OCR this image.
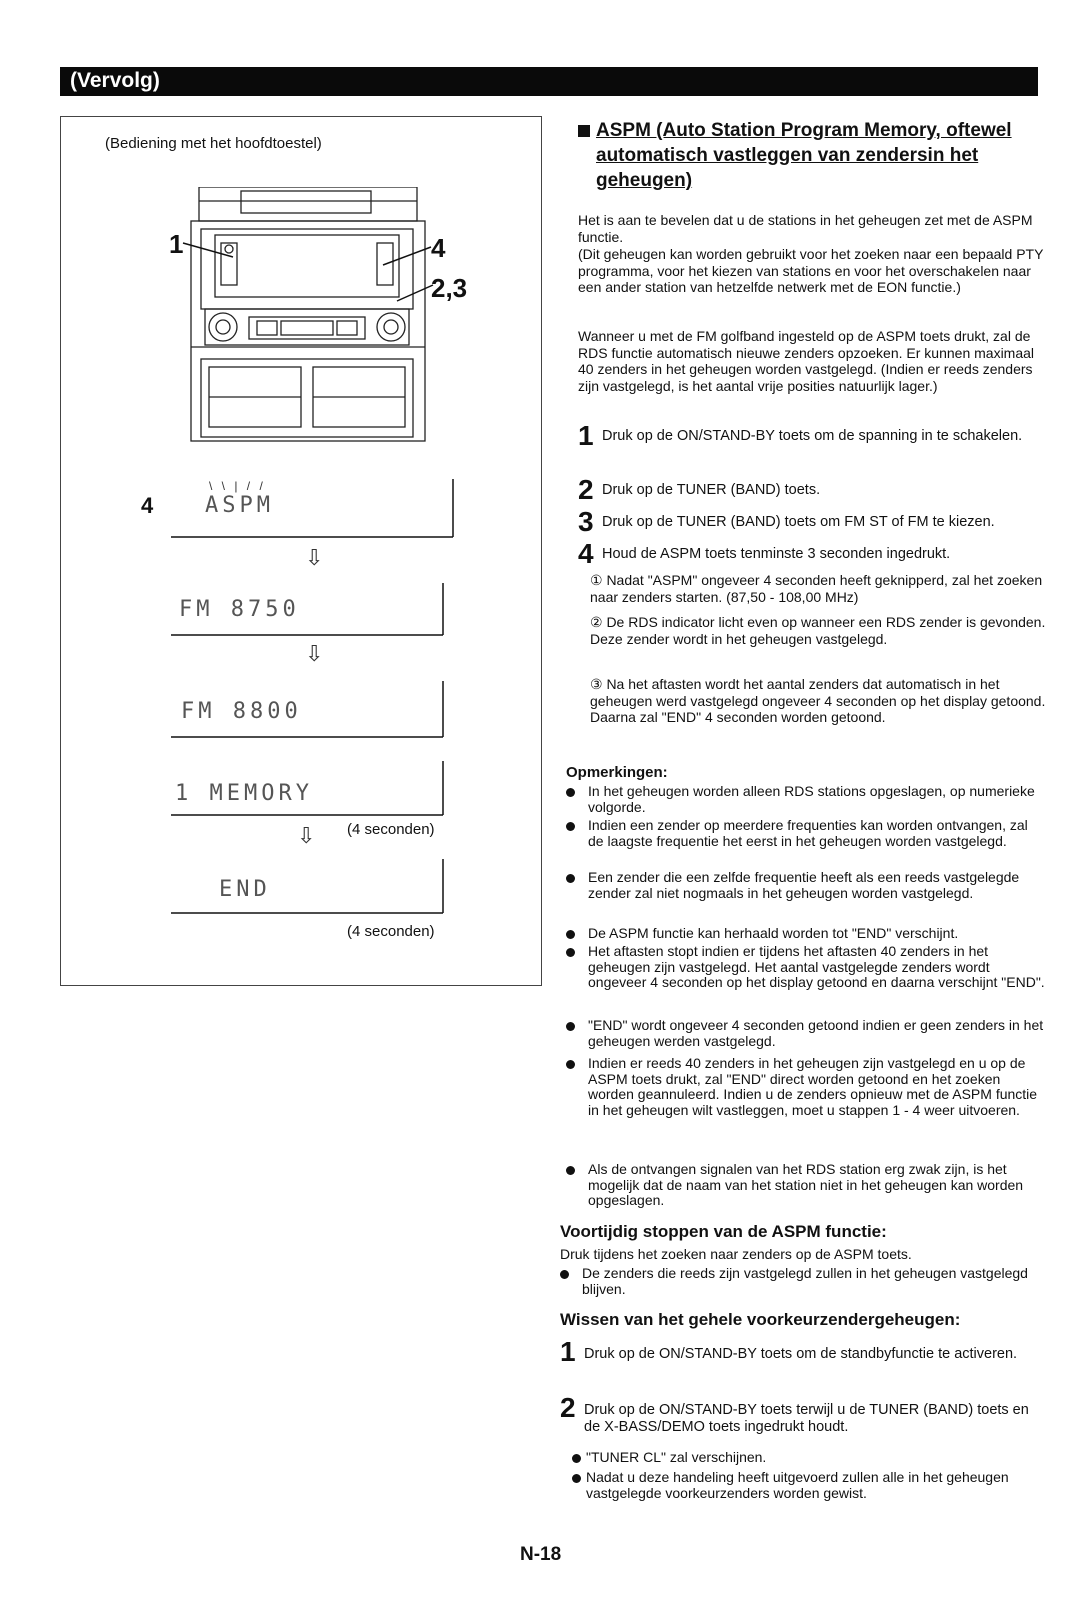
(Vervolg)
(Bediening met het hoofdtoestel)
1	4
2,3
4
\ \ | / /
ASPM
⇩
FM 8750
⇩
FM 8800
1 MEMORY
⇩ (4 seconden)
END
(4 seconden)
ASPM (Auto Station Program Memory, oftewel automatisch vastleggen van zendersin het geheugen)
Het is aan te bevelen dat u de stations in het geheugen zet met de ASPM functie.
(Dit geheugen kan worden gebruikt voor het zoeken naar een bepaald PTY programma, voor het kiezen van stations en voor het overschakelen naar een ander station van hetzelfde netwerk met de EON functie.)
Wanneer u met de FM golfband ingesteld op de ASPM toets drukt, zal de RDS functie automatisch nieuwe zenders opzoeken. Er kunnen maximaal 40 zenders in het geheugen worden vastgelegd. (Indien er reeds zenders zijn vastgelegd, is het aantal vrije posities natuurlijk lager.)
1 Druk op de ON/STAND-BY toets om de spanning in te schakelen.
2 Druk op de TUNER (BAND) toets.
3 Druk op de TUNER (BAND) toets om FM ST of FM te kiezen.
4 Houd de ASPM toets tenminste 3 seconden ingedrukt.
① Nadat "ASPM" ongeveer 4 seconden heeft geknipperd, zal het zoeken naar zenders starten. (87,50 - 108,00 MHz)
② De RDS indicator licht even op wanneer een RDS zender is gevonden. Deze zender wordt in het geheugen vastgelegd.
③ Na het aftasten wordt het aantal zenders dat automatisch in het geheugen werd vastgelegd ongeveer 4 seconden op het display getoond. Daarna zal "END" 4 seconden worden getoond.
Opmerkingen:
In het geheugen worden alleen RDS stations opgeslagen, op numerieke volgorde.
Indien een zender op meerdere frequenties kan worden ontvangen, zal de laagste frequentie het eerst in het geheugen worden vastgelegd.
Een zender die een zelfde frequentie heeft als een reeds vastgelegde zender zal niet nogmaals in het geheugen worden vastgelegd.
De ASPM functie kan herhaald worden tot "END" verschijnt.
Het aftasten stopt indien er tijdens het aftasten 40 zenders in het geheugen zijn vastgelegd. Het aantal vastgelegde zenders wordt ongeveer 4 seconden op het display getoond en daarna verschijnt "END".
"END" wordt ongeveer 4 seconden getoond indien er geen zenders in het geheugen werden vastgelegd.
Indien er reeds 40 zenders in het geheugen zijn vastgelegd en u op de ASPM toets drukt, zal "END" direct worden getoond en het zoeken worden geannuleerd. Indien u de zenders opnieuw met de ASPM functie in het geheugen wilt vastleggen, moet u stappen 1 - 4 weer uitvoeren.
Als de ontvangen signalen van het RDS station erg zwak zijn, is het mogelijk dat de naam van het station niet in het geheugen kan worden opgeslagen.
Voortijdig stoppen van de ASPM functie:
Druk tijdens het zoeken naar zenders op de ASPM toets.
De zenders die reeds zijn vastgelegd zullen in het geheugen vastgelegd blijven.
Wissen van het gehele voorkeurzendergeheugen:
1 Druk op de ON/STAND-BY toets om de standbyfunctie te activeren.
2 Druk op de ON/STAND-BY toets terwijl u de TUNER (BAND) toets en de X-BASS/DEMO toets ingedrukt houdt.
"TUNER CL" zal verschijnen.
Nadat u deze handeling heeft uitgevoerd zullen alle in het geheugen vastgelegde voorkeurzenders worden gewist.
N-18
